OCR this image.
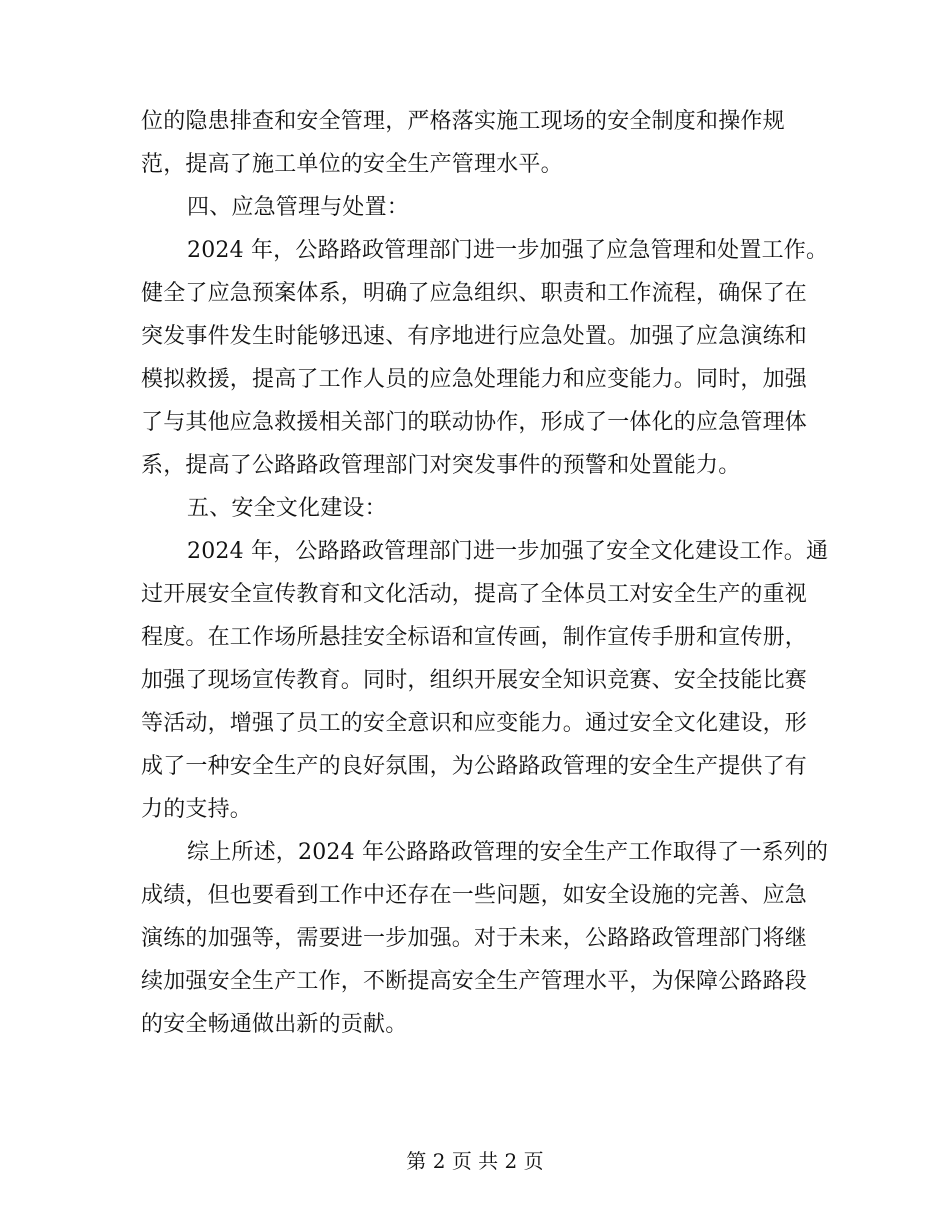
位的隐患排查和安全管理，严格落实施工现场的安全制度和操作规
范，提高了施工单位的安全生产管理水平。
四、应急管理与处置：
2024 年，公路路政管理部门进一步加强了应急管理和处置工作。
健全了应急预案体系，明确了应急组织、职责和工作流程，确保了在
突发事件发生时能够迅速、有序地进行应急处置。加强了应急演练和
模拟救援，提高了工作人员的应急处理能力和应变能力。同时，加强
了与其他应急救援相关部门的联动协作，形成了一体化的应急管理体
系，提高了公路路政管理部门对突发事件的预警和处置能力。
五、安全文化建设：
2024 年，公路路政管理部门进一步加强了安全文化建设工作。通
过开展安全宣传教育和文化活动，提高了全体员工对安全生产的重视
程度。在工作场所悬挂安全标语和宣传画，制作宣传手册和宣传册，
加强了现场宣传教育。同时，组织开展安全知识竞赛、安全技能比赛
等活动，增强了员工的安全意识和应变能力。通过安全文化建设，形
成了一种安全生产的良好氛围，为公路路政管理的安全生产提供了有
力的支持。
综上所述，2024 年公路路政管理的安全生产工作取得了一系列的
成绩，但也要看到工作中还存在一些问题，如安全设施的完善、应急
演练的加强等，需要进一步加强。对于未来，公路路政管理部门将继
续加强安全生产工作，不断提高安全生产管理水平，为保障公路路段
的安全畅通做出新的贡献。
第 2 页 共 2 页
